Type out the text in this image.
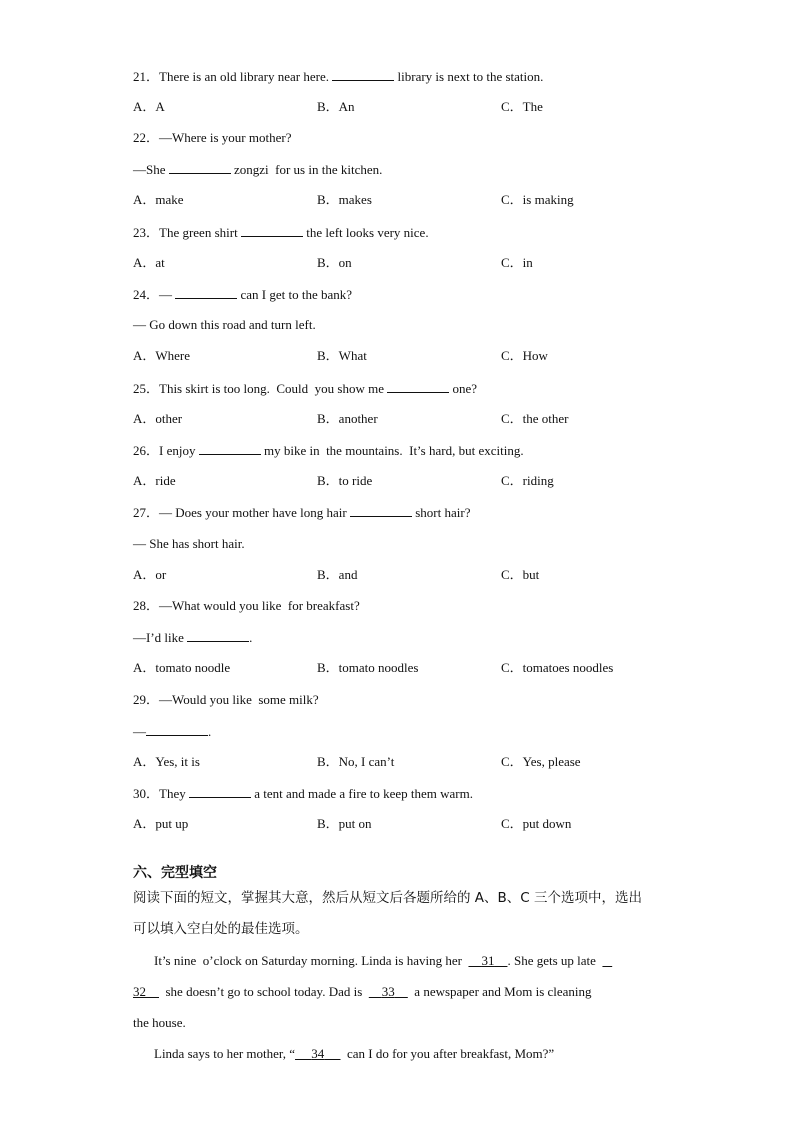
21．There is an old library near here.	library is next to the station.
A．A	B．An	C．The
22．—Where is your mother?
—She	zongzi  for us in the kitchen.
A．make	B．makes	C．is making
23．The green shirt	the left looks very nice.
A．at	B．on	C．in
24．—	can I get to the bank?
— Go down this road and turn left.
A．Where	B．What	C．How
25．This skirt is too long.  Could  you show me	one?
A．other	B．another	C．the other
26．I enjoy	my bike in  the mountains.  It’s hard, but exciting.
A．ride	B．to ride	C．riding
27．— Does your mother have long hair	short hair?
— She has short hair.
A．or	B．and	C．but
28．—What would you like  for breakfast?
—I’d like	.
A．tomato noodle	B．tomato noodles	C．tomatoes noodles
29．—Would you like  some milk?
—	.
A．Yes, it is	B．No, I can’t	C．Yes, please
30．They	a tent and made a fire to keep them warm.
A．put up	B．put on	C．put down
六、完型填空
阅读下面的短文，掌握其大意，然后从短文后各题所给的 A、B、C 三个选项中，选出
可以填入空白处的最佳选项。
It’s nine  o’clock on Saturday morning. Linda is having her      31 . She gets up late
32      she doesn’t go to school today. Dad is      33      a newspaper and Mom is cleaning
the house.
Linda says to her mother, “ 34       can I do for you after breakfast, Mom?”
